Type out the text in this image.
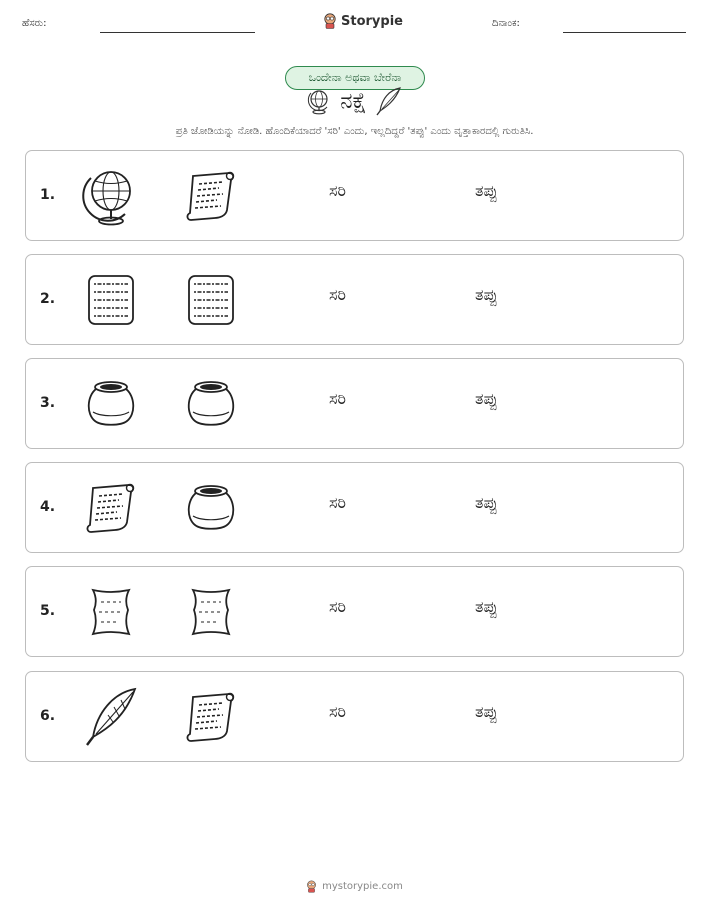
ಹೆಸರು:	Storypie	ದಿನಾಂಕ:
ಒಂದೇನಾ ಅಥವಾ ಬೇರೆನಾ
ನಕ್ಷೆ
ಪ್ರತಿ ಜೋಡಿಯನ್ನು ನೋಡಿ. ಹೊಂದಿಕೆಯಾದರೆ 'ಸರಿ' ಎಂದು, ಇಲ್ಲದಿದ್ದರೆ 'ತಪ್ಪು' ಎಂದು ವೃತ್ತಾಕಾರದಲ್ಲಿ ಗುರುತಿಸಿ.
1.	ಸರಿ	ತಪ್ಪು
2.	ಸರಿ	ತಪ್ಪು
3.	ಸರಿ	ತಪ್ಪು
4.	ಸರಿ	ತಪ್ಪು
5.	ಸರಿ	ತಪ್ಪು
6.	ಸರಿ	ತಪ್ಪು
mystorypie.com
